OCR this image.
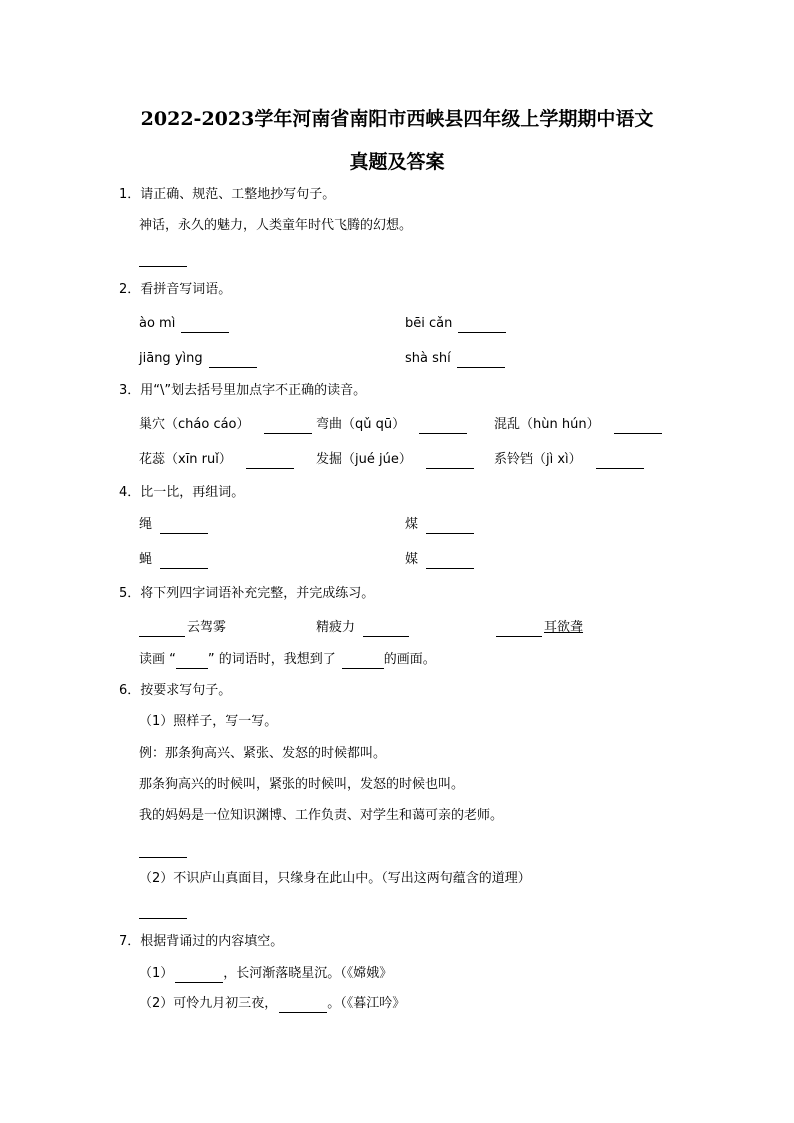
2022-2023学年河南省南阳市西峡县四年级上学期期中语文
真题及答案
1．请正确、规范、工整地抄写句子。
神话，永久的魅力，人类童年时代飞腾的幻想。
2．看拼音写词语。
ào mì	bēi cǎn
jiāng yìng	shà shí
3．用“\”划去括号里加点字不正确的读音。
巢穴（cháo cáo）	弯曲（qǔ qū）	混乱（hùn hún）
花蕊（xīn ruǐ）	发掘（jué júe）	系铃铛（jì xì）
4．比一比，再组词。
绳	煤
蝇	媒
5．将下列四字词语补充完整，并完成练习。
云驾雾	精疲力	耳欲聋
读画 “ ” 的词语时，我想到了	的画面。
6．按要求写句子。
（1）照样子，写一写。
例：那条狗高兴、紧张、发怒的时候都叫。
那条狗高兴的时候叫，紧张的时候叫，发怒的时候也叫。
我的妈妈是一位知识渊博、工作负责、对学生和蔼可亲的老师。
（2）不识庐山真面目，只缘身在此山中。（写出这两句蕴含的道理）
7．根据背诵过的内容填空。
（1）	，长河渐落晓星沉。（《嫦娥》
（2）可怜九月初三夜，	。（《暮江吟》
